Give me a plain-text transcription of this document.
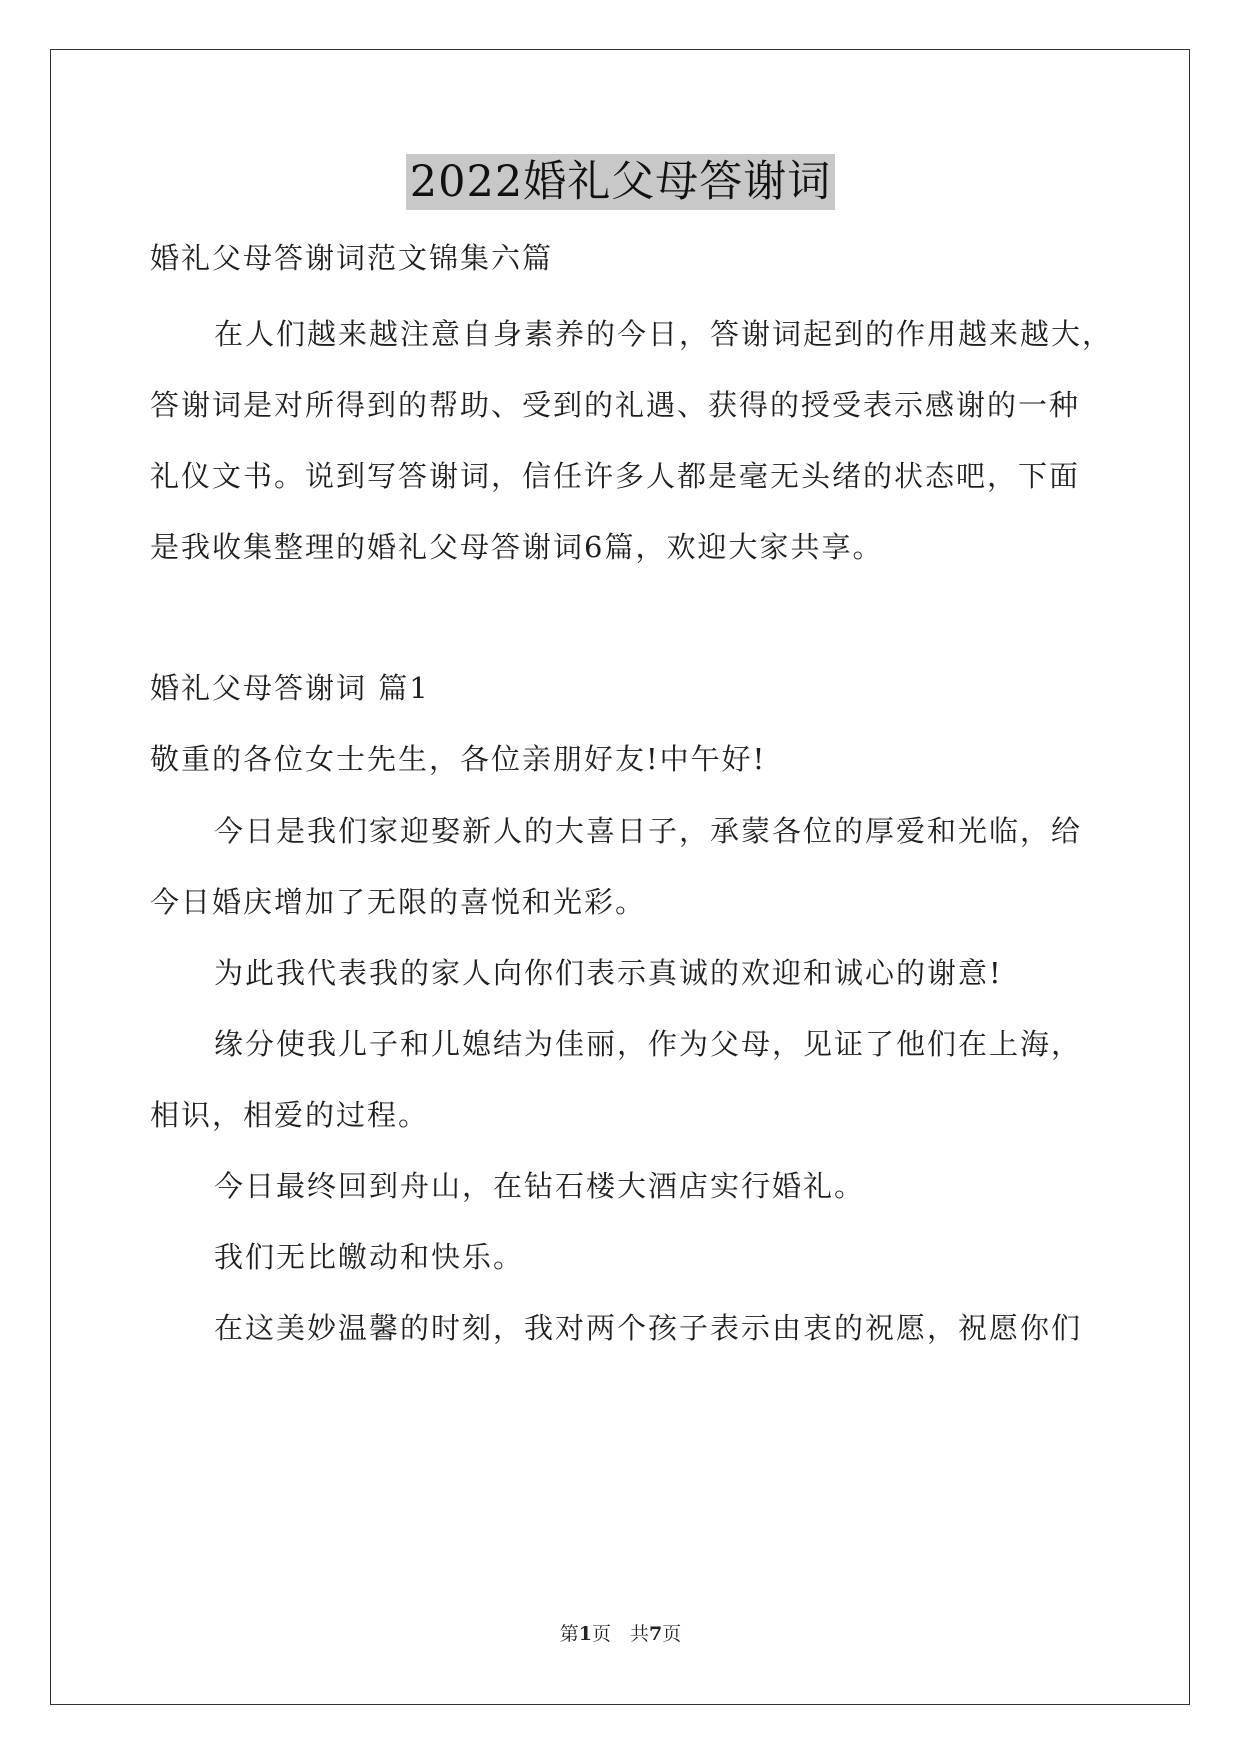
2022婚礼父母答谢词
婚礼父母答谢词范文锦集六篇
在人们越来越注意自身素养的今日，答谢词起到的作用越来越大，
答谢词是对所得到的帮助、受到的礼遇、获得的授受表示感谢的一种
礼仪文书。说到写答谢词，信任许多人都是毫无头绪的状态吧，下面
是我收集整理的婚礼父母答谢词6篇，欢迎大家共享。
婚礼父母答谢词 篇1
敬重的各位女士先生，各位亲朋好友!中午好!
今日是我们家迎娶新人的大喜日子，承蒙各位的厚爱和光临，给
今日婚庆增加了无限的喜悦和光彩。
为此我代表我的家人向你们表示真诚的欢迎和诚心的谢意!
缘分使我儿子和儿媳结为佳丽，作为父母，见证了他们在上海，
相识，相爱的过程。
今日最终回到舟山，在钻石楼大酒店实行婚礼。
我们无比皦动和快乐。
在这美妙温馨的时刻，我对两个孩子表示由衷的祝愿，祝愿你们
第1页　共7页
